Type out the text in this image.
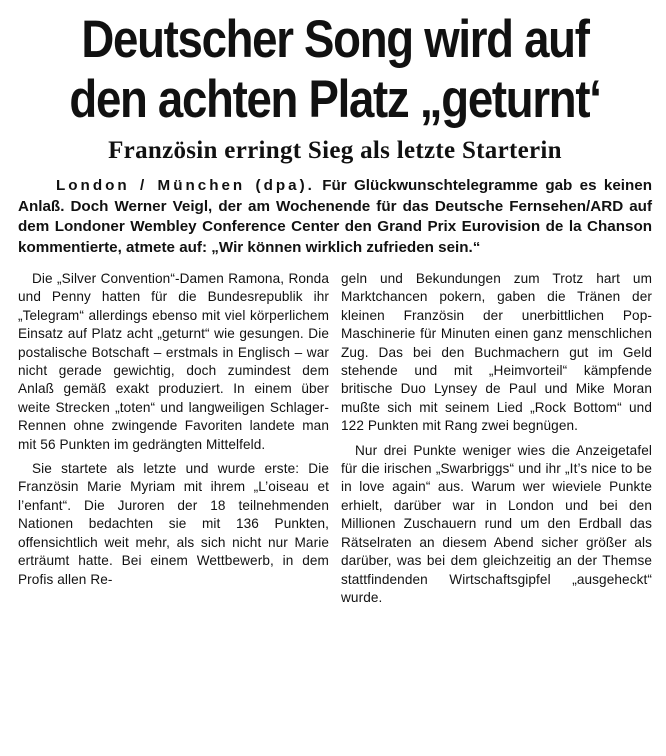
Deutscher Song wird auf
den achten Platz „geturnt‘
Französin erringt Sieg als letzte Starterin

London / München (dpa). Für Glückwunschtelegramme gab es keinen Anlaß. Doch Werner Veigl, der am Wochenende für das Deutsche Fernsehen/ARD auf dem Londoner Wembley Conference Center den Grand Prix Eurovision de la Chanson kommentierte, atmete auf: „Wir können wirklich zufrieden sein.“

Die „Silver Convention“-Damen Ramona, Ronda und Penny hatten für die Bundesrepublik ihr „Telegram“ allerdings ebenso mit viel körperlichem Einsatz auf Platz acht „geturnt“ wie gesungen. Die postalische Botschaft – erstmals in Englisch – war nicht gerade gewichtig, doch zumindest dem Anlaß gemäß exakt produziert. In einem über weite Strecken „toten“ und langweiligen Schlager-Rennen ohne zwingende Favoriten landete man mit 56 Punkten im gedrängten Mittelfeld.

Sie startete als letzte und wurde erste: Die Französin Marie Myriam mit ihrem „L’oiseau et l’enfant“. Die Juroren der 18 teilnehmenden Nationen bedachten sie mit 136 Punkten, offensichtlich weit mehr, als sich nicht nur Marie erträumt hatte. Bei einem Wettbewerb, in dem Profis allen Re-

geln und Bekundungen zum Trotz hart um Marktchancen pokern, gaben die Tränen der kleinen Französin der unerbittlichen Pop-Maschinerie für Minuten einen ganz menschlichen Zug. Das bei den Buchmachern gut im Geld stehende und mit „Heimvorteil“ kämpfende britische Duo Lynsey de Paul und Mike Moran mußte sich mit seinem Lied „Rock Bottom“ und 122 Punkten mit Rang zwei begnügen.

Nur drei Punkte weniger wies die Anzeigetafel für die irischen „Swarbriggs“ und ihr „It’s nice to be in love again“ aus. Warum wer wieviele Punkte erhielt, darüber war in London und bei den Millionen Zuschauern rund um den Erdball das Rätselraten an diesem Abend sicher größer als darüber, was bei dem gleichzeitig an der Themse stattfindenden Wirtschaftsgipfel „ausgeheckt“ wurde.
